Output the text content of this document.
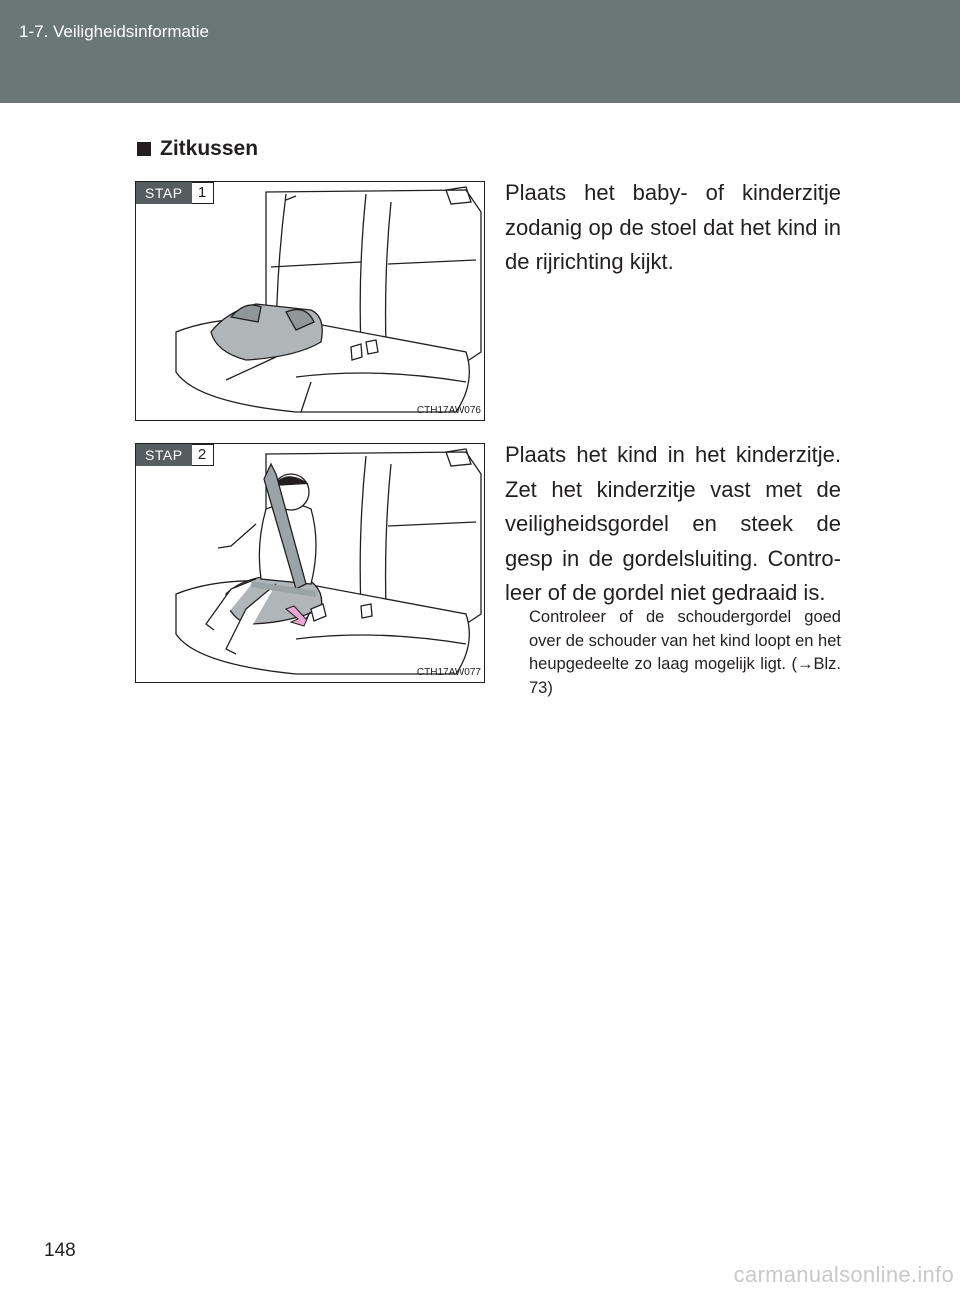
1-7. Veiligheidsinformatie
Zitkussen
STAP	1
CTH17AW076
Plaats het baby- of kinderzitje zodanig op de stoel dat het kind in de rijrichting kijkt.
STAP	2
CTH17AW077
Plaats het kind in het kinderzitje. Zet het kinderzitje vast met de veiligheidsgordel en steek de gesp in de gordelsluiting. Contro-leer of de gordel niet gedraaid is.
Controleer of de schoudergordel goed over de schouder van het kind loopt en het heupgedeelte zo laag mogelijk ligt. (→Blz. 73)
148
carmanualsonline.info
